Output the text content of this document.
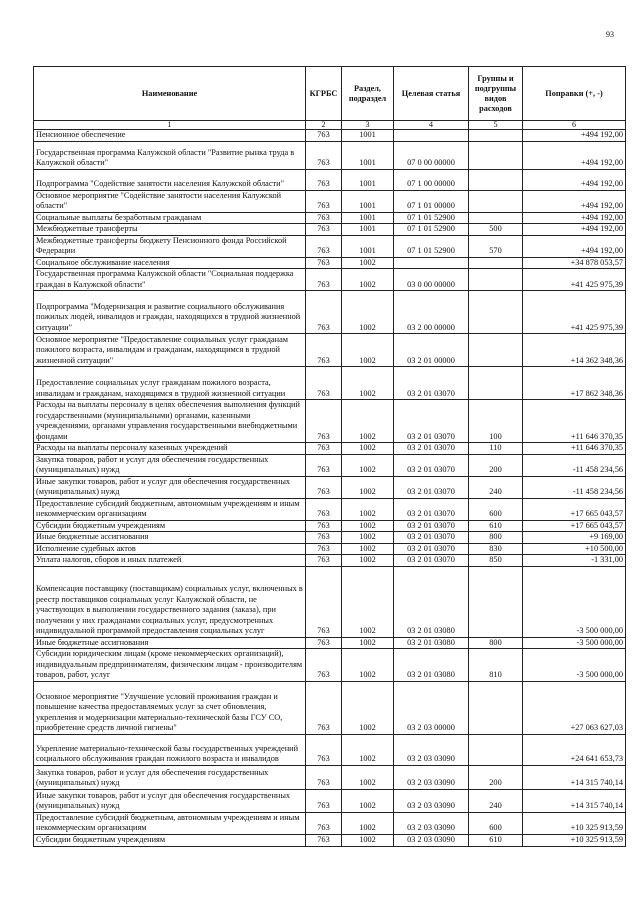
93
Наименование	КГРБС	Раздел, подраздел	Целевая статья	Группы и подгруппы видов расходов	Поправки (+, -)
1	2	3	4	5	6
Пенсионное обеспечение	763	1001			+494 192,00
Государственная программа Калужской области "Развитие рынка труда в Калужской области"	763	1001	07 0 00 00000		+494 192,00
Подпрограмма "Содействие занятости населения Калужской области"	763	1001	07 1 00 00000		+494 192,00
Основное мероприятие "Содействие занятости населения Калужской области"	763	1001	07 1 01 00000		+494 192,00
Социальные выплаты безработным гражданам	763	1001	07 1 01 52900		+494 192,00
Межбюджетные трансферты	763	1001	07 1 01 52900	500	+494 192,00
Межбюджетные трансферты бюджету Пенсионного фонда Российской Федерации	763	1001	07 1 01 52900	570	+494 192,00
Социальное обслуживание населения	763	1002			+34 878 053,57
Государственная программа Калужской области "Социальная поддержка граждан в Калужской области"	763	1002	03 0 00 00000		+41 425 975,39
Подпрограмма "Модернизация и развитие социального обслуживания пожилых людей, инвалидов и граждан, находящихся в трудной жизненной ситуации"	763	1002	03 2 00 00000		+41 425 975,39
Основное мероприятие "Предоставление социальных услуг гражданам пожилого возраста, инвалидам и гражданам, находящимся в трудной жизненной ситуации"	763	1002	03 2 01 00000		+14 362 348,36
Предоставление социальных услуг гражданам пожилого возраста, инвалидам и гражданам, находящимся в трудной жизненной ситуации	763	1002	03 2 01 03070		+17 862 348,36
Расходы на выплаты персоналу в целях обеспечения выполнения функций государственными (муниципальными) органами, казенными учреждениями, органами управления государственными внебюджетными фондами	763	1002	03 2 01 03070	100	+11 646 370,35
Расходы на выплаты персоналу казенных учреждений	763	1002	03 2 01 03070	110	+11 646 370,35
Закупка товаров, работ и услуг для обеспечения государственных (муниципальных) нужд	763	1002	03 2 01 03070	200	-11 458 234,56
Иные закупки товаров, работ и услуг для обеспечения государственных (муниципальных) нужд	763	1002	03 2 01 03070	240	-11 458 234,56
Предоставление субсидий бюджетным, автономным учреждениям и иным некоммерческим организациям	763	1002	03 2 01 03070	600	+17 665 043,57
Субсидии бюджетным учреждениям	763	1002	03 2 01 03070	610	+17 665 043,57
Иные бюджетные ассигнования	763	1002	03 2 01 03070	800	+9 169,00
Исполнение судебных актов	763	1002	03 2 01 03070	830	+10 500,00
Уплата налогов, сборов и иных платежей	763	1002	03 2 01 03070	850	-1 331,00
Компенсация поставщику (поставщикам) социальных услуг, включенных в реестр поставщиков социальных услуг Калужской области, не участвующих в выполнении государственного задания (заказа), при получении у них гражданами социальных услуг, предусмотренных индивидуальной программой предоставления социальных услуг	763	1002	03 2 01 03080		-3 500 000,00
Иные бюджетные ассигнования	763	1002	03 2 01 03080	800	-3 500 000,00
Субсидии юридическим лицам (кроме некоммерческих организаций), индивидуальным предпринимателям, физическим лицам - производителям товаров, работ, услуг	763	1002	03 2 01 03080	810	-3 500 000,00
Основное мероприятие "Улучшение условий проживания граждан и повышение качества предоставляемых услуг за счет обновления, укрепления и модернизации материально-технической базы ГСУ СО, приобретение средств личной гигиены"	763	1002	03 2 03 00000		+27 063 627,03
Укрепление материально-технической базы государственных учреждений социального обслуживания граждан пожилого возраста и инвалидов	763	1002	03 2 03 03090		+24 641 653,73
Закупка товаров, работ и услуг для обеспечения государственных (муниципальных) нужд	763	1002	03 2 03 03090	200	+14 315 740,14
Иные закупки товаров, работ и услуг для обеспечения государственных (муниципальных) нужд	763	1002	03 2 03 03090	240	+14 315 740,14
Предоставление субсидий бюджетным, автономным учреждениям и иным некоммерческим организациям	763	1002	03 2 03 03090	600	+10 325 913,59
Субсидии бюджетным учреждениям	763	1002	03 2 03 03090	610	+10 325 913,59
